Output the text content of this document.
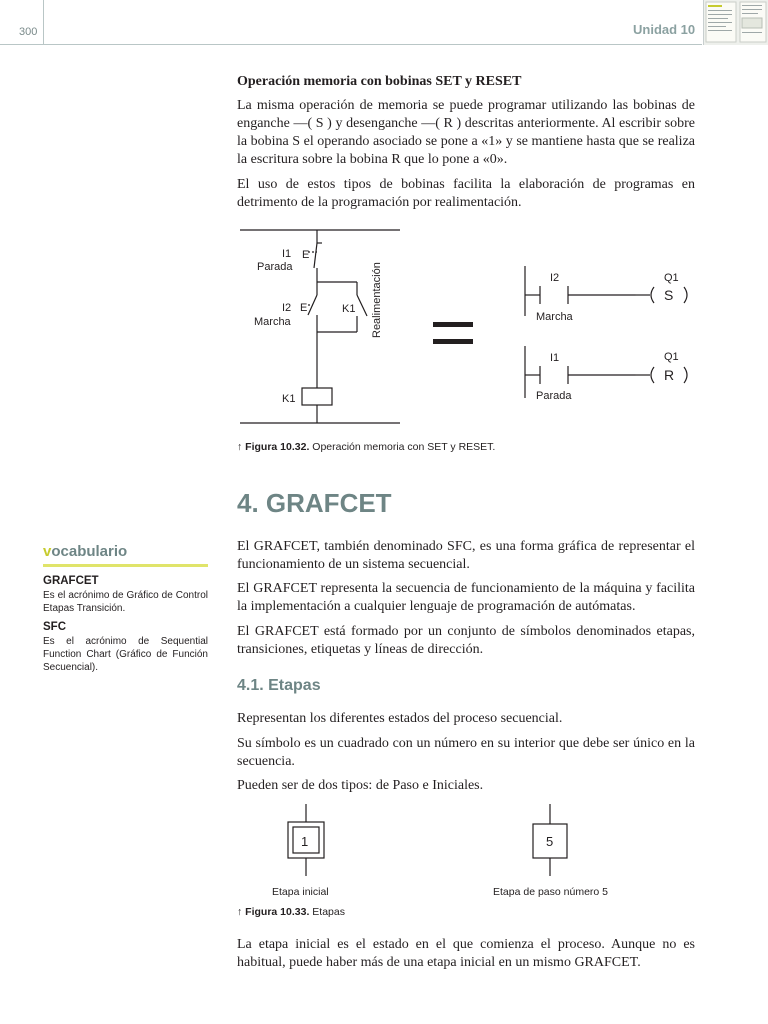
300	Unidad 10
Operación memoria con bobinas SET y RESET

La misma operación de memoria se puede programar utilizando las bobinas de enganche —( S ) y desenganche —( R ) descritas anteriormente. Al escribir sobre la bobina S el operando asociado se pone a «1» y se mantiene hasta que se realiza la escritura sobre la bobina R que lo pone a «0».

El uso de estos tipos de bobinas facilita la elaboración de programas en detrimento de la programación por realimentación.

I1 E
Parada
I2 E
Marcha
K1 Realimentación
K1
I2	Q1
S
Marcha
I1	Q1
R
Parada
↑ Figura 10.32. Operación memoria con SET y RESET.
4. GRAFCET

El GRAFCET, también denominado SFC, es una forma gráfica de representar el funcionamiento de un sistema secuencial.

El GRAFCET representa la secuencia de funcionamiento de la máquina y facilita la implementación a cualquier lenguaje de programación de autómatas.

El GRAFCET está formado por un conjunto de símbolos denominados etapas, transiciones, etiquetas y líneas de dirección.

4.1. Etapas

Representan los diferentes estados del proceso secuencial.

Su símbolo es un cuadrado con un número en su interior que debe ser único en la secuencia.

Pueden ser de dos tipos: de Paso e Iniciales.

1	5
Etapa inicial	Etapa de paso número 5
↑ Figura 10.33. Etapas

La etapa inicial es el estado en el que comienza el proceso. Aunque no es habitual, puede haber más de una etapa inicial en un mismo GRAFCET.

vocabulario
GRAFCET

Es el acrónimo de Gráfico de Control Etapas Transición.

SFC

Es el acrónimo de Sequential Function Chart (Gráfico de Función Secuencial).
